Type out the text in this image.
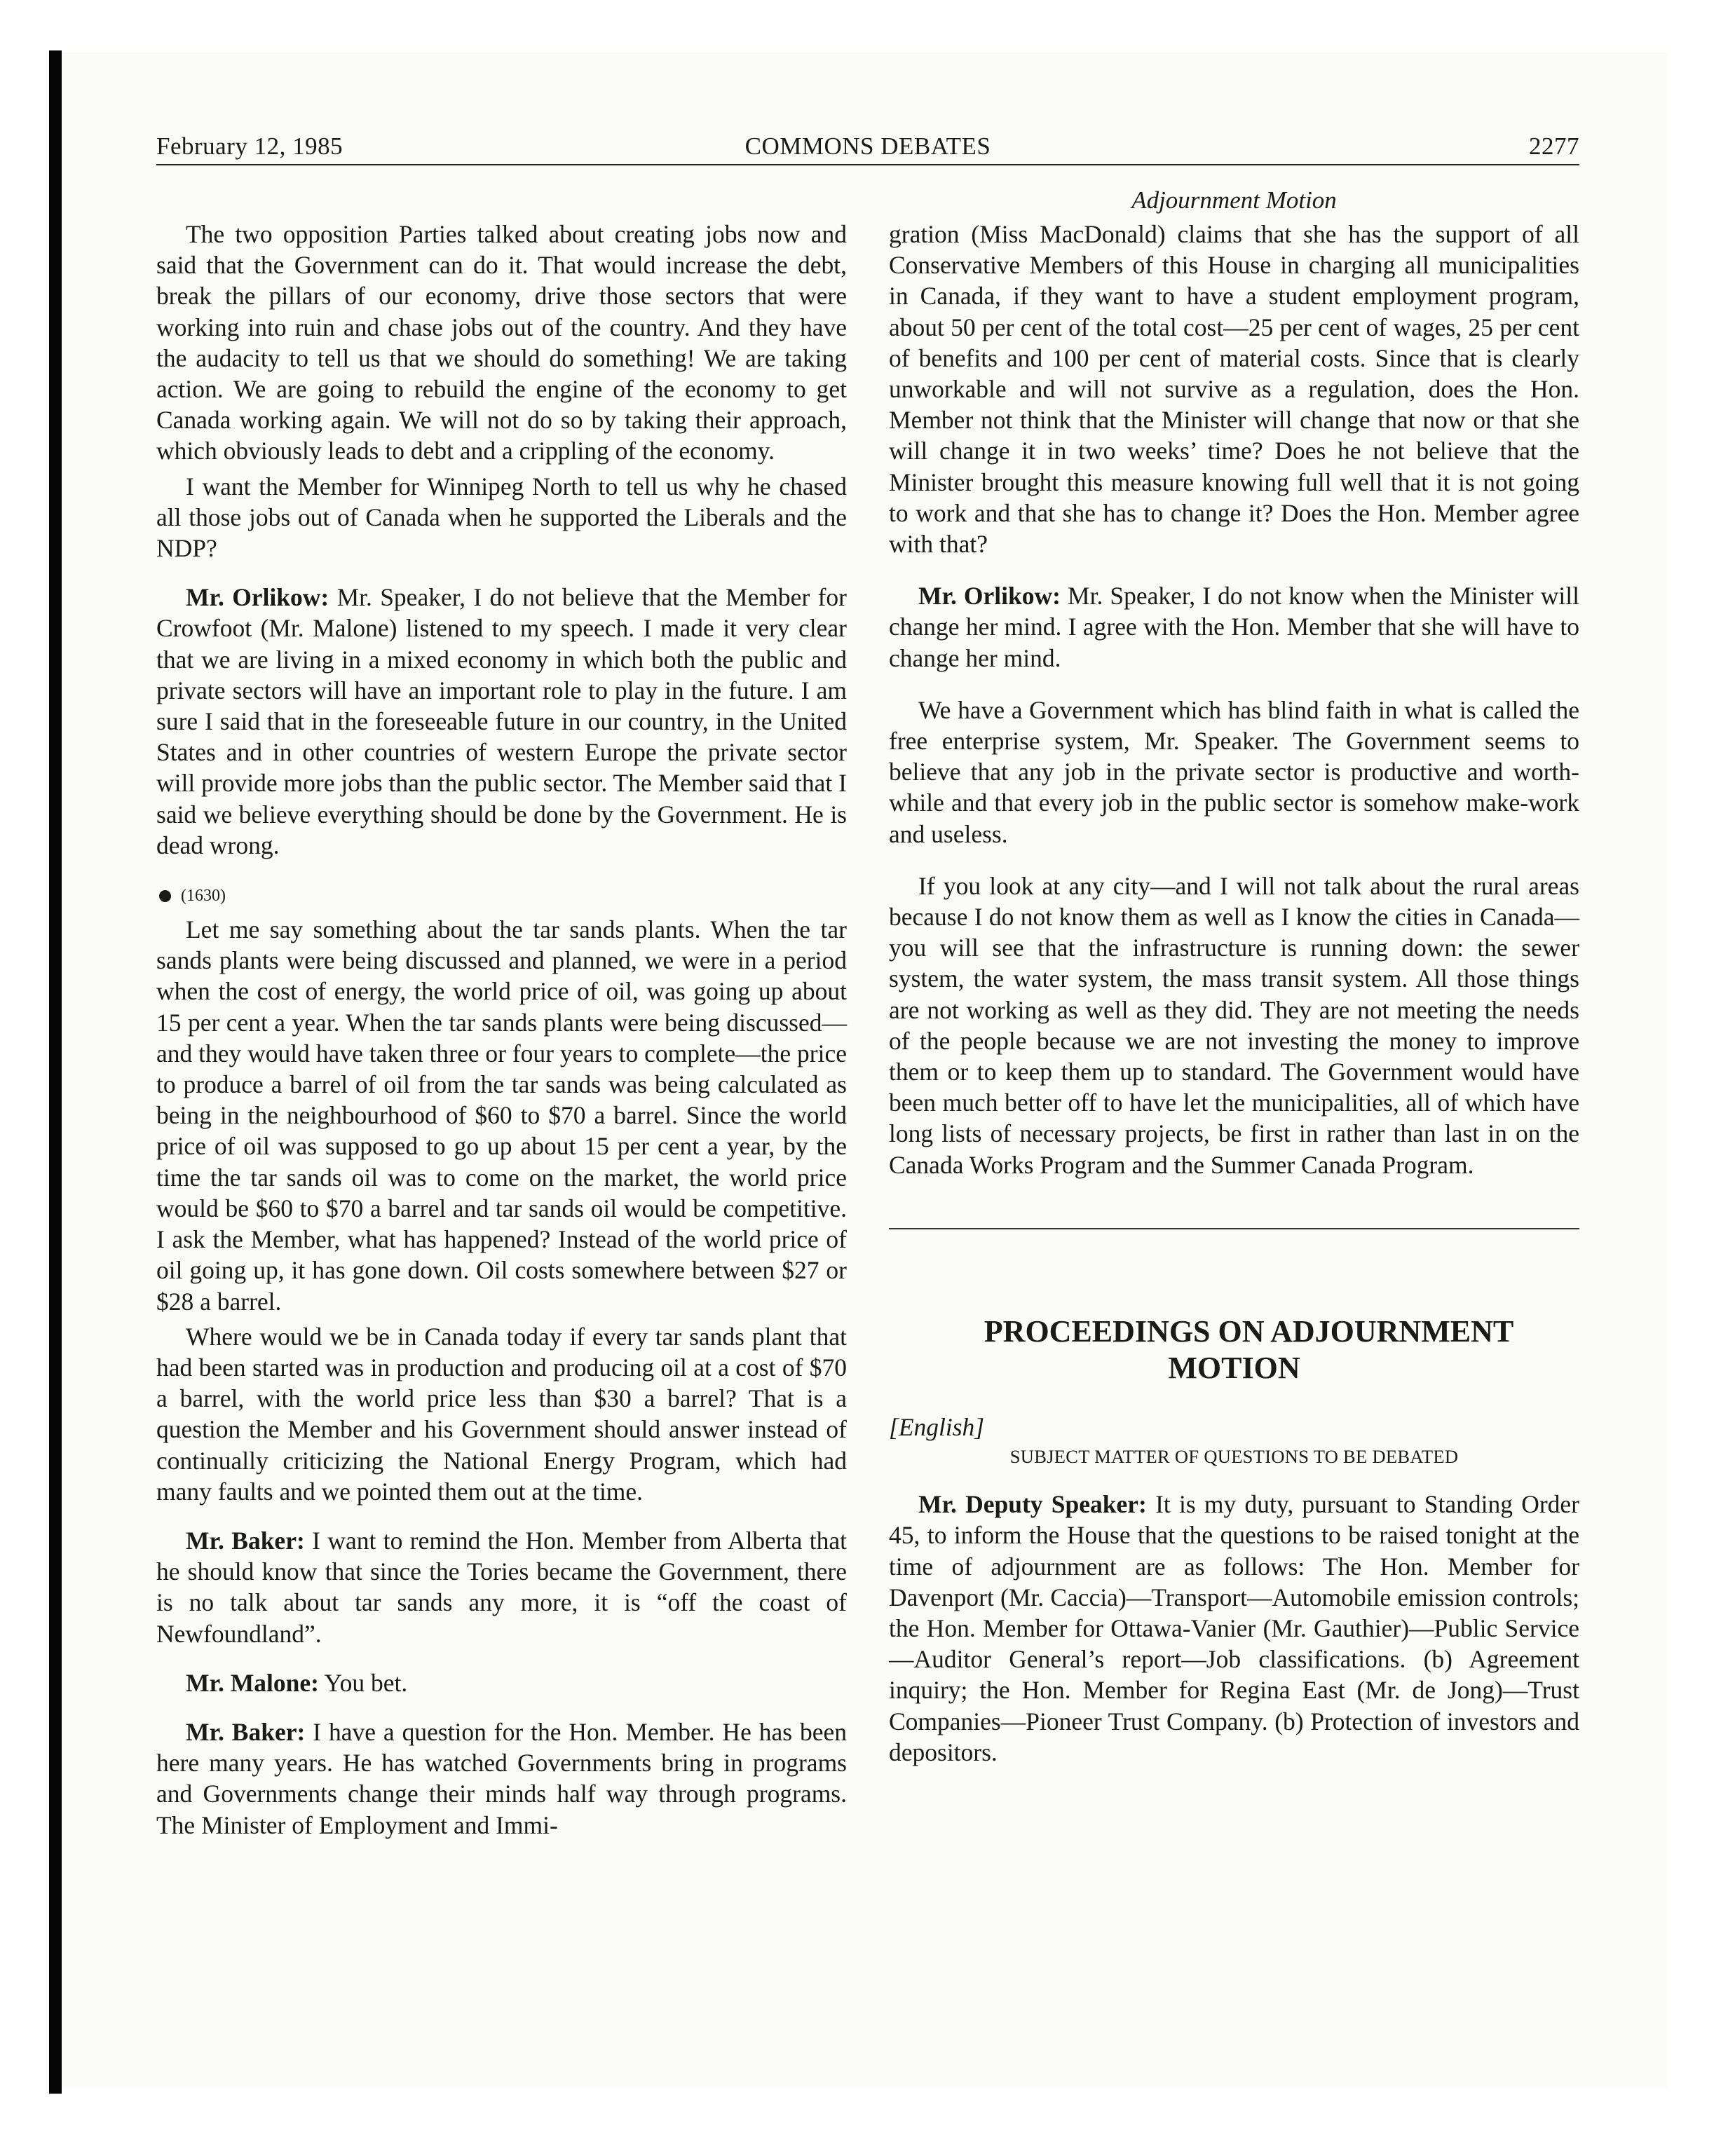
February 12, 1985	COMMONS DEBATES	2277
Adjournment Motion

The two opposition Parties talked about creating jobs now and said that the Government can do it. That would increase the debt, break the pillars of our economy, drive those sectors that were working into ruin and chase jobs out of the country. And they have the audacity to tell us that we should do something! We are taking action. We are going to rebuild the engine of the economy to get Canada working again. We will not do so by taking their approach, which obviously leads to debt and a crippling of the economy.

I want the Member for Winnipeg North to tell us why he chased all those jobs out of Canada when he supported the Liberals and the NDP?

Mr. Orlikow: Mr. Speaker, I do not believe that the Member for Crowfoot (Mr. Malone) listened to my speech. I made it very clear that we are living in a mixed economy in which both the public and private sectors will have an important role to play in the future. I am sure I said that in the foreseeable future in our country, in the United States and in other countries of western Europe the private sector will provide more jobs than the public sector. The Member said that I said we believe everything should be done by the Government. He is dead wrong.

(1630)

Let me say something about the tar sands plants. When the tar sands plants were being discussed and planned, we were in a period when the cost of energy, the world price of oil, was going up about 15 per cent a year. When the tar sands plants were being discussed—and they would have taken three or four years to complete—the price to produce a barrel of oil from the tar sands was being calculated as being in the neighbourhood of $60 to $70 a barrel. Since the world price of oil was supposed to go up about 15 per cent a year, by the time the tar sands oil was to come on the market, the world price would be $60 to $70 a barrel and tar sands oil would be competitive. I ask the Member, what has happened? Instead of the world price of oil going up, it has gone down. Oil costs somewhere between $27 or $28 a barrel.

Where would we be in Canada today if every tar sands plant that had been started was in production and producing oil at a cost of $70 a barrel, with the world price less than $30 a barrel? That is a question the Member and his Government should answer instead of continually criticizing the National Energy Program, which had many faults and we pointed them out at the time.

Mr. Baker: I want to remind the Hon. Member from Alberta that he should know that since the Tories became the Government, there is no talk about tar sands any more, it is “off the coast of Newfoundland”.

Mr. Malone: You bet.

Mr. Baker: I have a question for the Hon. Member. He has been here many years. He has watched Governments bring in programs and Governments change their minds half way through programs. The Minister of Employment and Immi-

gration (Miss MacDonald) claims that she has the support of all Conservative Members of this House in charging all municipalities in Canada, if they want to have a student employment program, about 50 per cent of the total cost—25 per cent of wages, 25 per cent of benefits and 100 per cent of material costs. Since that is clearly unworkable and will not survive as a regulation, does the Hon. Member not think that the Minister will change that now or that she will change it in two weeks’ time? Does he not believe that the Minister brought this measure knowing full well that it is not going to work and that she has to change it? Does the Hon. Member agree with that?

Mr. Orlikow: Mr. Speaker, I do not know when the Minister will change her mind. I agree with the Hon. Member that she will have to change her mind.

We have a Government which has blind faith in what is called the free enterprise system, Mr. Speaker. The Government seems to believe that any job in the private sector is productive and worth-while and that every job in the public sector is somehow make-work and useless.

If you look at any city—and I will not talk about the rural areas because I do not know them as well as I know the cities in Canada—you will see that the infrastructure is running down: the sewer system, the water system, the mass transit system. All those things are not working as well as they did. They are not meeting the needs of the people because we are not investing the money to improve them or to keep them up to standard. The Government would have been much better off to have let the municipalities, all of which have long lists of necessary projects, be first in rather than last in on the Canada Works Program and the Summer Canada Program.

PROCEEDINGS ON ADJOURNMENT
MOTION

[English]

SUBJECT MATTER OF QUESTIONS TO BE DEBATED

Mr. Deputy Speaker: It is my duty, pursuant to Standing Order 45, to inform the House that the questions to be raised tonight at the time of adjournment are as follows: The Hon. Member for Davenport (Mr. Caccia)—Transport—Automobile emission controls; the Hon. Member for Ottawa-Vanier (Mr. Gauthier)—Public Service—Auditor General’s report—Job classifications. (b) Agreement inquiry; the Hon. Member for Regina East (Mr. de Jong)—Trust Companies—Pioneer Trust Company. (b) Protection of investors and depositors.
